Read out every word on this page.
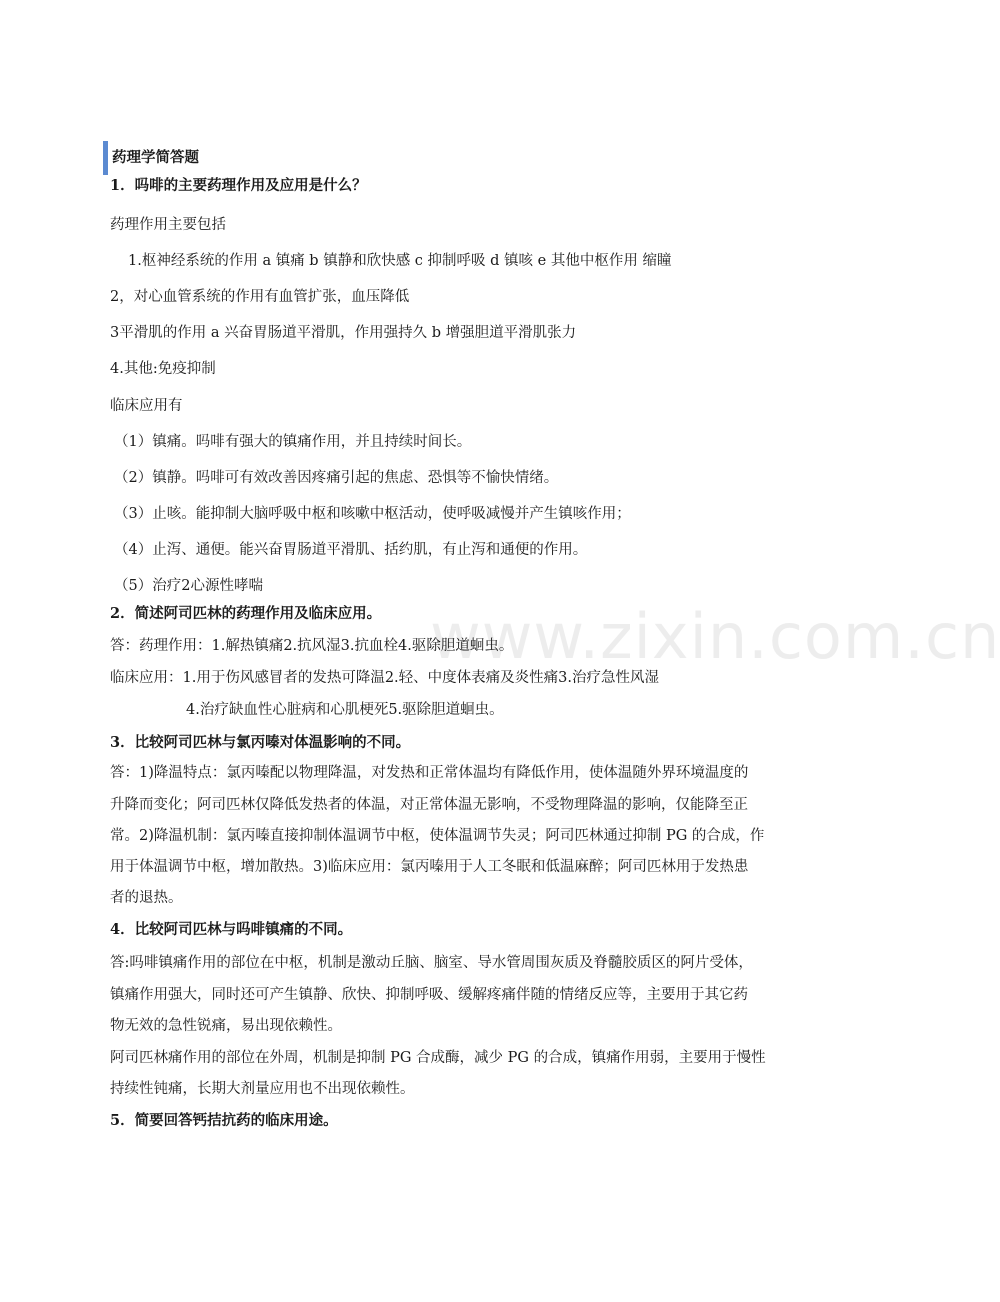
www.zixin.com.cn
药理学简答题
1．吗啡的主要药理作用及应用是什么？
药理作用主要包括
1.枢神经系统的作用 a 镇痛 b 镇静和欣快感 c 抑制呼吸 d 镇咳 e 其他中枢作用 缩瞳
2，对心血管系统的作用有血管扩张，血压降低
3平滑肌的作用 a 兴奋胃肠道平滑肌，作用强持久 b 增强胆道平滑肌张力
4.其他:免疫抑制
临床应用有
（1）镇痛。吗啡有强大的镇痛作用，并且持续时间长。
（2）镇静。吗啡可有效改善因疼痛引起的焦虑、恐惧等不愉快情绪。
（3）止咳。能抑制大脑呼吸中枢和咳嗽中枢活动，使呼吸减慢并产生镇咳作用；
（4）止泻、通便。能兴奋胃肠道平滑肌、括约肌，有止泻和通便的作用。
（5）治疗2心源性哮喘
2．简述阿司匹林的药理作用及临床应用。
答：药理作用：1.解热镇痛2.抗风湿3.抗血栓4.驱除胆道蛔虫。
临床应用：1.用于伤风感冒者的发热可降温2.轻、中度体表痛及炎性痛3.治疗急性风湿
4.治疗缺血性心脏病和心肌梗死5.驱除胆道蛔虫。
3．比较阿司匹林与氯丙嗪对体温影响的不同。
答：1)降温特点：氯丙嗪配以物理降温，对发热和正常体温均有降低作用，使体温随外界环境温度的
升降而变化；阿司匹林仅降低发热者的体温，对正常体温无影响，不受物理降温的影响，仅能降至正
常。2)降温机制：氯丙嗪直接抑制体温调节中枢，使体温调节失灵；阿司匹林通过抑制 PG 的合成，作
用于体温调节中枢，增加散热。3)临床应用：氯丙嗪用于人工冬眠和低温麻醉；阿司匹林用于发热患
者的退热。
4．比较阿司匹林与吗啡镇痛的不同。
答:吗啡镇痛作用的部位在中枢，机制是激动丘脑、脑室、导水管周围灰质及脊髓胶质区的阿片受体，
镇痛作用强大，同时还可产生镇静、欣快、抑制呼吸、缓解疼痛伴随的情绪反应等，主要用于其它药
物无效的急性锐痛，易出现依赖性。
阿司匹林痛作用的部位在外周，机制是抑制 PG 合成酶，减少 PG 的合成，镇痛作用弱，主要用于慢性
持续性钝痛，长期大剂量应用也不出现依赖性。
5．简要回答钙拮抗药的临床用途。
